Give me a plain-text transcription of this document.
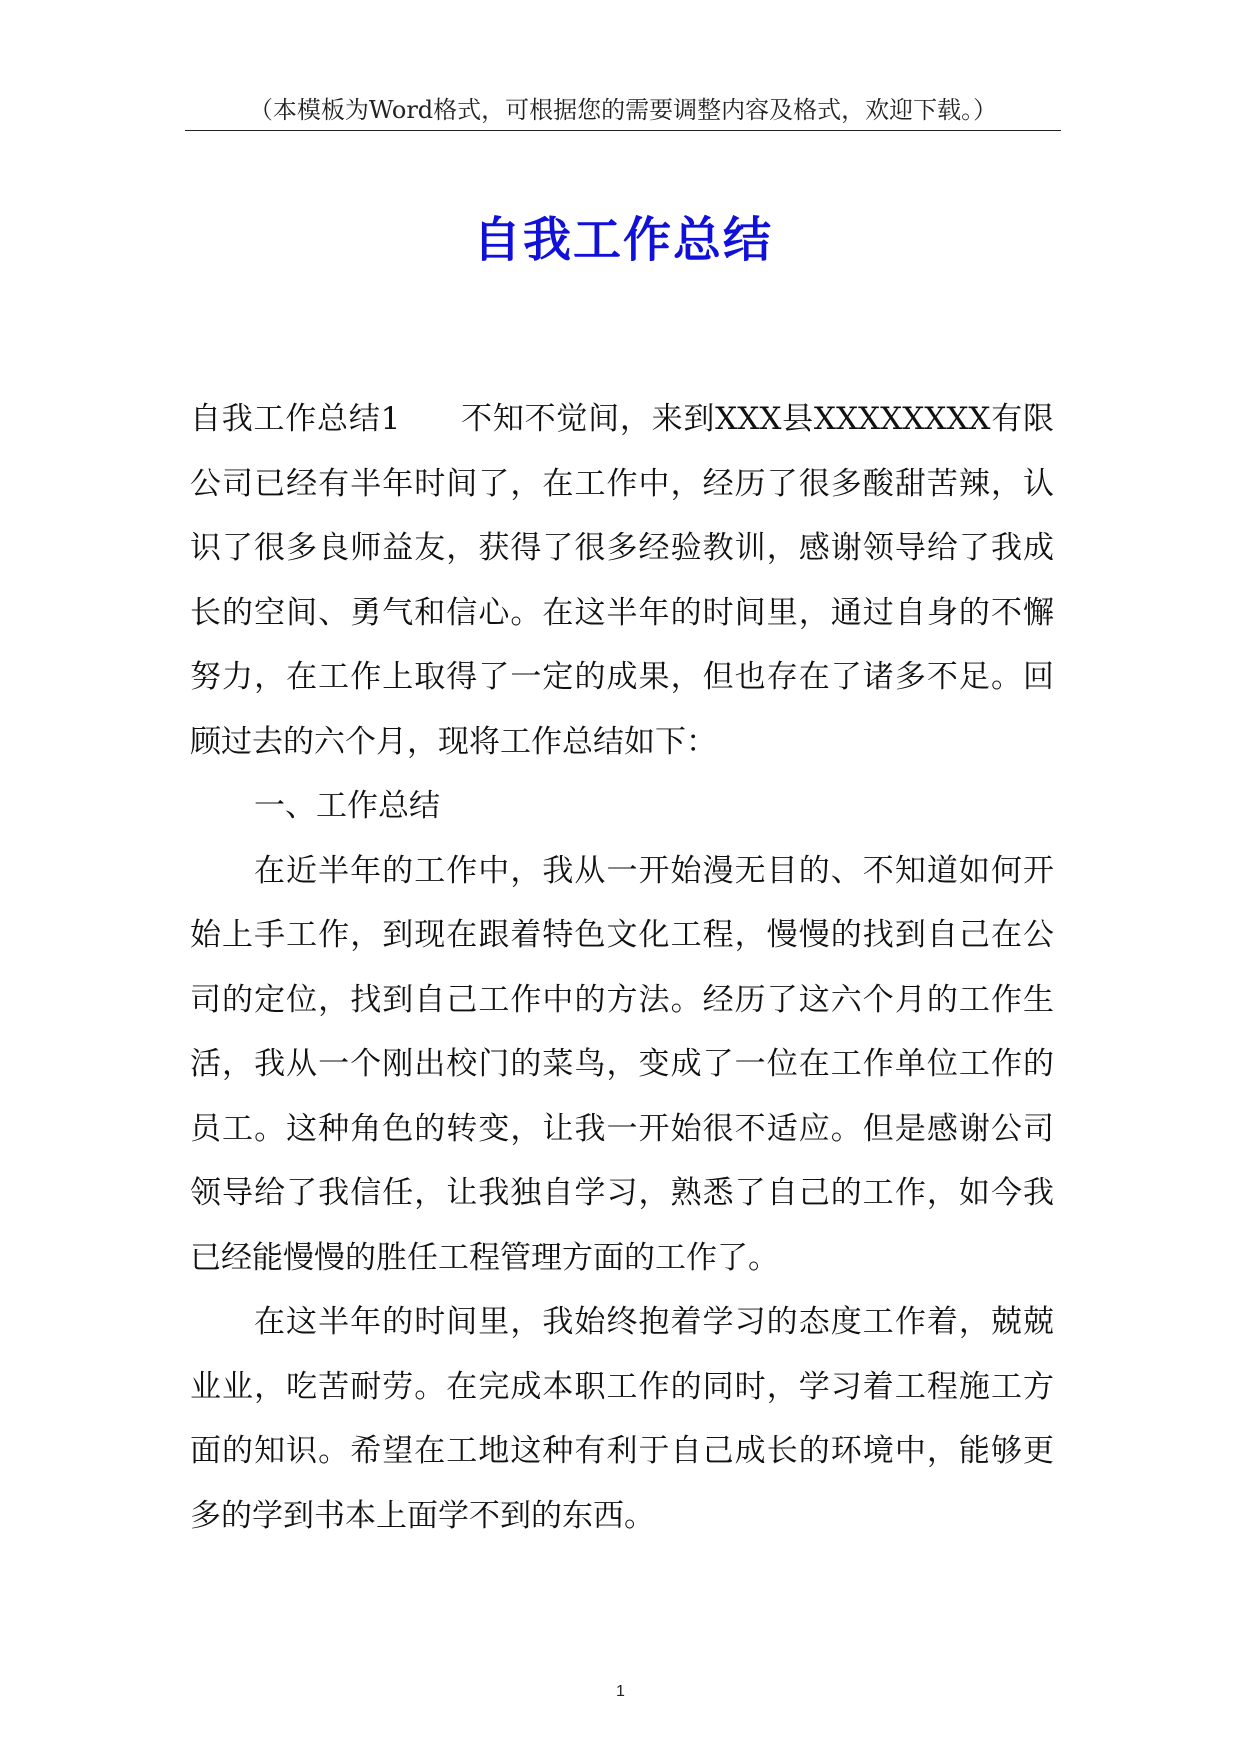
（本模板为Word格式，可根据您的需要调整内容及格式，欢迎下载。）
自我工作总结

自我工作总结1 不知不觉间，来到XXX县XXXXXXXX有限公司已经有半年时间了，在工作中，经历了很多酸甜苦辣，认识了很多良师益友，获得了很多经验教训，感谢领导给了我成长的空间、勇气和信心。在这半年的时间里，通过自身的不懈努力，在工作上取得了一定的成果，但也存在了诸多不足。回顾过去的六个月，现将工作总结如下：

一、工作总结

在近半年的工作中，我从一开始漫无目的、不知道如何开始上手工作，到现在跟着特色文化工程，慢慢的找到自己在公司的定位，找到自己工作中的方法。经历了这六个月的工作生活，我从一个刚出校门的菜鸟，变成了一位在工作单位工作的员工。这种角色的转变，让我一开始很不适应。但是感谢公司领导给了我信任，让我独自学习，熟悉了自己的工作，如今我已经能慢慢的胜任工程管理方面的工作了。

在这半年的时间里，我始终抱着学习的态度工作着，兢兢业业，吃苦耐劳。在完成本职工作的同时，学习着工程施工方面的知识。希望在工地这种有利于自己成长的环境中，能够更多的学到书本上面学不到的东西。

1
